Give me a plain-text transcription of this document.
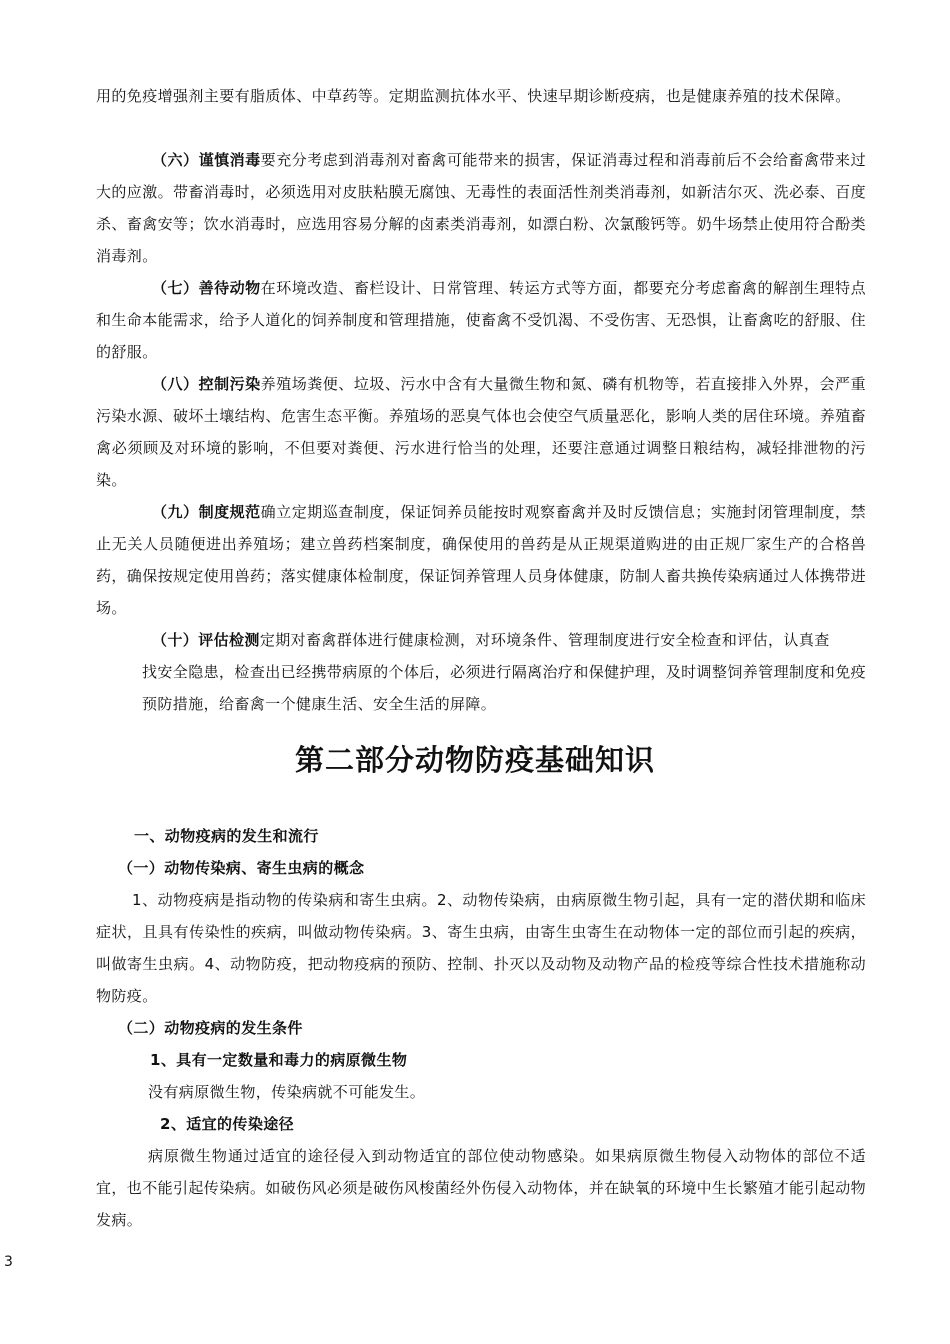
用的免疫增强剂主要有脂质体、中草药等。定期监测抗体水平、快速早期诊断疫病，也是健康养殖的技术保障。

（六）谨慎消毒要充分考虑到消毒剂对畜禽可能带来的损害，保证消毒过程和消毒前后不会给畜禽带来过大的应激。带畜消毒时，必须选用对皮肤粘膜无腐蚀、无毒性的表面活性剂类消毒剂，如新洁尔灭、洗必泰、百度杀、畜禽安等；饮水消毒时，应选用容易分解的卤素类消毒剂，如漂白粉、次氯酸钙等。奶牛场禁止使用符合酚类消毒剂。

（七）善待动物在环境改造、畜栏设计、日常管理、转运方式等方面，都要充分考虑畜禽的解剖生理特点和生命本能需求，给予人道化的饲养制度和管理措施，使畜禽不受饥渴、不受伤害、无恐惧，让畜禽吃的舒服、住的舒服。

（八）控制污染养殖场粪便、垃圾、污水中含有大量微生物和氮、磷有机物等，若直接排入外界，会严重污染水源、破坏土壤结构、危害生态平衡。养殖场的恶臭气体也会使空气质量恶化，影响人类的居住环境。养殖畜禽必须顾及对环境的影响，不但要对粪便、污水进行恰当的处理，还要注意通过调整日粮结构，减轻排泄物的污染。

（九）制度规范确立定期巡查制度，保证饲养员能按时观察畜禽并及时反馈信息；实施封闭管理制度，禁止无关人员随便进出养殖场；建立兽药档案制度，确保使用的兽药是从正规渠道购进的由正规厂家生产的合格兽药，确保按规定使用兽药；落实健康体检制度，保证饲养管理人员身体健康，防制人畜共换传染病通过人体携带进场。

（十）评估检测定期对畜禽群体进行健康检测，对环境条件、管理制度进行安全检查和评估，认真查

找安全隐患，检查出已经携带病原的个体后，必须进行隔离治疗和保健护理，及时调整饲养管理制度和免疫预防措施，给畜禽一个健康生活、安全生活的屏障。

第二部分动物防疫基础知识

一、动物疫病的发生和流行

（一）动物传染病、寄生虫病的概念

1、动物疫病是指动物的传染病和寄生虫病。2、动物传染病，由病原微生物引起，具有一定的潜伏期和临床症状，且具有传染性的疾病，叫做动物传染病。3、寄生虫病，由寄生虫寄生在动物体一定的部位而引起的疾病，叫做寄生虫病。4、动物防疫，把动物疫病的预防、控制、扑灭以及动物及动物产品的检疫等综合性技术措施称动物防疫。

（二）动物疫病的发生条件

1、具有一定数量和毒力的病原微生物

没有病原微生物，传染病就不可能发生。

2、适宜的传染途径

病原微生物通过适宜的途径侵入到动物适宜的部位使动物感染。如果病原微生物侵入动物体的部位不适宜，也不能引起传染病。如破伤风必须是破伤风梭菌经外伤侵入动物体，并在缺氧的环境中生长繁殖才能引起动物发病。

3
